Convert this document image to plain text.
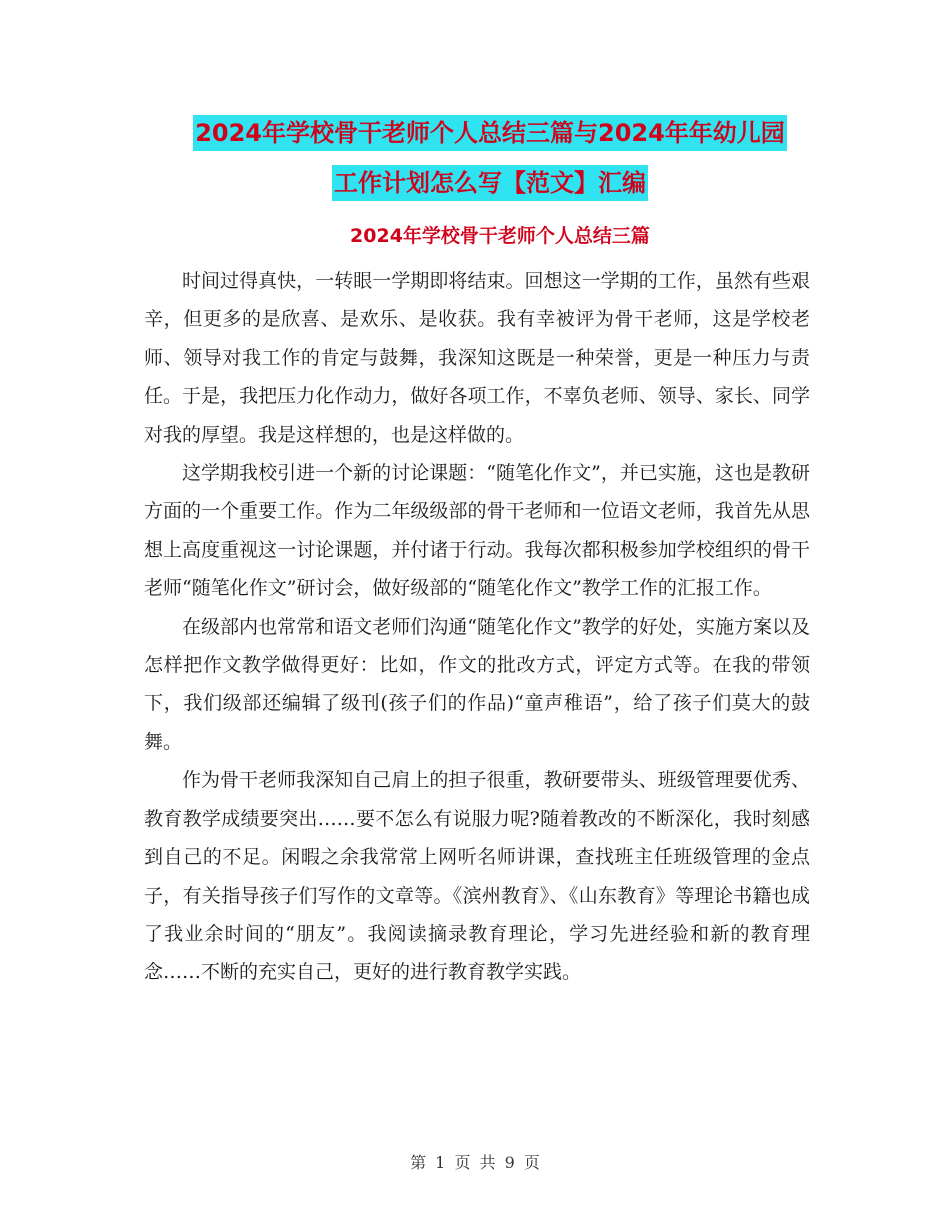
2024年学校骨干老师个人总结三篇与2024年年幼儿园
工作计划怎么写【范文】汇编
2024年学校骨干老师个人总结三篇

时间过得真快，一转眼一学期即将结束。回想这一学期的工作，虽然有些艰辛，但更多的是欣喜、是欢乐、是收获。我有幸被评为骨干老师，这是学校老师、领导对我工作的肯定与鼓舞，我深知这既是一种荣誉，更是一种压力与责任。于是，我把压力化作动力，做好各项工作，不辜负老师、领导、家长、同学对我的厚望。我是这样想的，也是这样做的。

这学期我校引进一个新的讨论课题：“随笔化作文”，并已实施，这也是教研方面的一个重要工作。作为二年级级部的骨干老师和一位语文老师，我首先从思想上高度重视这一讨论课题，并付诸于行动。我每次都积极参加学校组织的骨干老师“随笔化作文”研讨会，做好级部的“随笔化作文”教学工作的汇报工作。

在级部内也常常和语文老师们沟通“随笔化作文”教学的好处，实施方案以及怎样把作文教学做得更好：比如，作文的批改方式，评定方式等。在我的带领下，我们级部还编辑了级刊(孩子们的作品)“童声稚语”，给了孩子们莫大的鼓舞。

作为骨干老师我深知自己肩上的担子很重，教研要带头、班级管理要优秀、教育教学成绩要突出……要不怎么有说服力呢?随着教改的不断深化，我时刻感到自己的不足。闲暇之余我常常上网听名师讲课，查找班主任班级管理的金点子，有关指导孩子们写作的文章等。《滨州教育》、《山东教育》等理论书籍也成了我业余时间的“朋友”。我阅读摘录教育理论，学习先进经验和新的教育理念……不断的充实自己，更好的进行教育教学实践。

第 1 页 共 9 页
